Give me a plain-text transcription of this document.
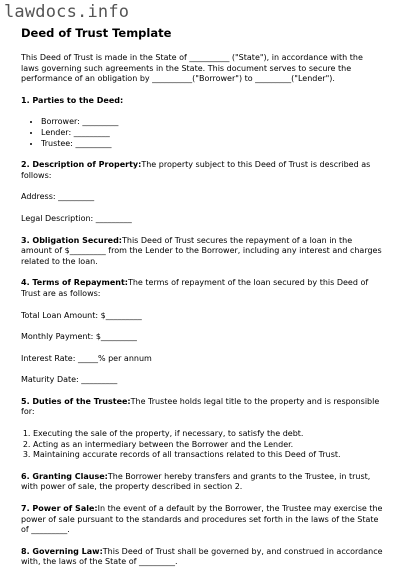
lawdocs.info
Deed of Trust Template

This Deed of Trust is made in the State of __________ ("State"), in accordance with the laws governing such agreements in the State. This document serves to secure the performance of an obligation by __________("Borrower") to _________("Lender").

1. Parties to the Deed:

• Borrower: _________
• Lender: _________
• Trustee: _________

2. Description of Property:The property subject to this Deed of Trust is described as follows:

Address: _________

Legal Description: _________

3. Obligation Secured:This Deed of Trust secures the repayment of a loan in the amount of $_________ from the Lender to the Borrower, including any interest and charges related to the loan.

4. Terms of Repayment:The terms of repayment of the loan secured by this Deed of Trust are as follows:

Total Loan Amount: $_________

Monthly Payment: $_________

Interest Rate: _____% per annum

Maturity Date: _________

5. Duties of the Trustee:The Trustee holds legal title to the property and is responsible for:

1. Executing the sale of the property, if necessary, to satisfy the debt.
2. Acting as an intermediary between the Borrower and the Lender.
3. Maintaining accurate records of all transactions related to this Deed of Trust.

6. Granting Clause:The Borrower hereby transfers and grants to the Trustee, in trust, with power of sale, the property described in section 2.

7. Power of Sale:In the event of a default by the Borrower, the Trustee may exercise the power of sale pursuant to the standards and procedures set forth in the laws of the State of _________.

8. Governing Law:This Deed of Trust shall be governed by, and construed in accordance with, the laws of the State of _________.
